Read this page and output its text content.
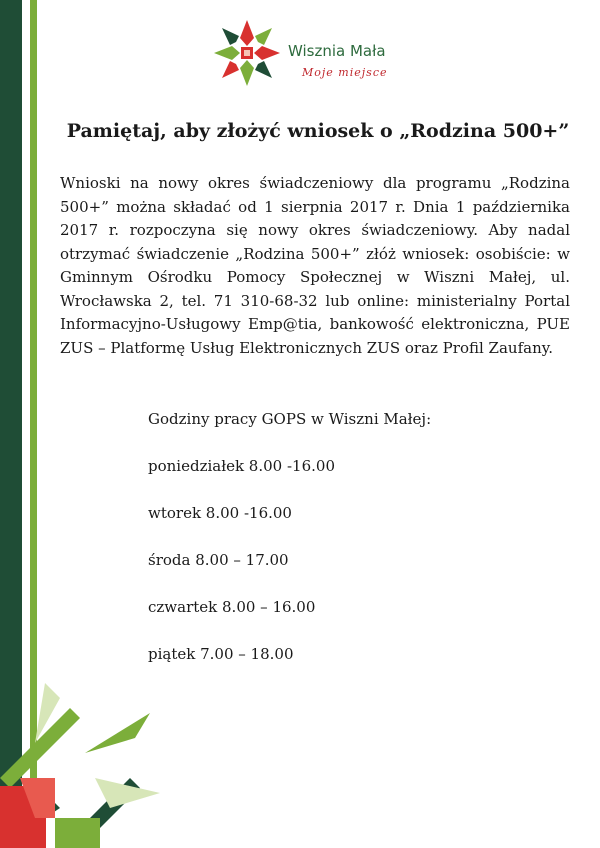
Wisznia Mała
Moje miejsce
Pamiętaj, aby złożyć wniosek o „Rodzina 500+”

Wnioski na nowy okres świadczeniowy dla programu „Rodzina 500+” można składać od 1 sierpnia 2017 r. Dnia 1 października 2017 r. rozpoczyna się nowy okres świadczeniowy. Aby nadal otrzymać świadczenie „Rodzina 500+” złóż wniosek: osobiście: w Gminnym Ośrodku Pomocy Społecznej w Wiszni Małej, ul. Wrocławska 2, tel. 71 310-68-32 lub online: ministerialny Portal Informacyjno-Usługowy Emp@tia, bankowość elektroniczna, PUE ZUS – Platformę Usług Elektronicznych ZUS oraz Profil Zaufany.

Godziny pracy GOPS w Wiszni Małej:

poniedziałek 8.00 -16.00
wtorek 8.00 -16.00
środa 8.00 – 17.00
czwartek 8.00 – 16.00
piątek 7.00 – 18.00
